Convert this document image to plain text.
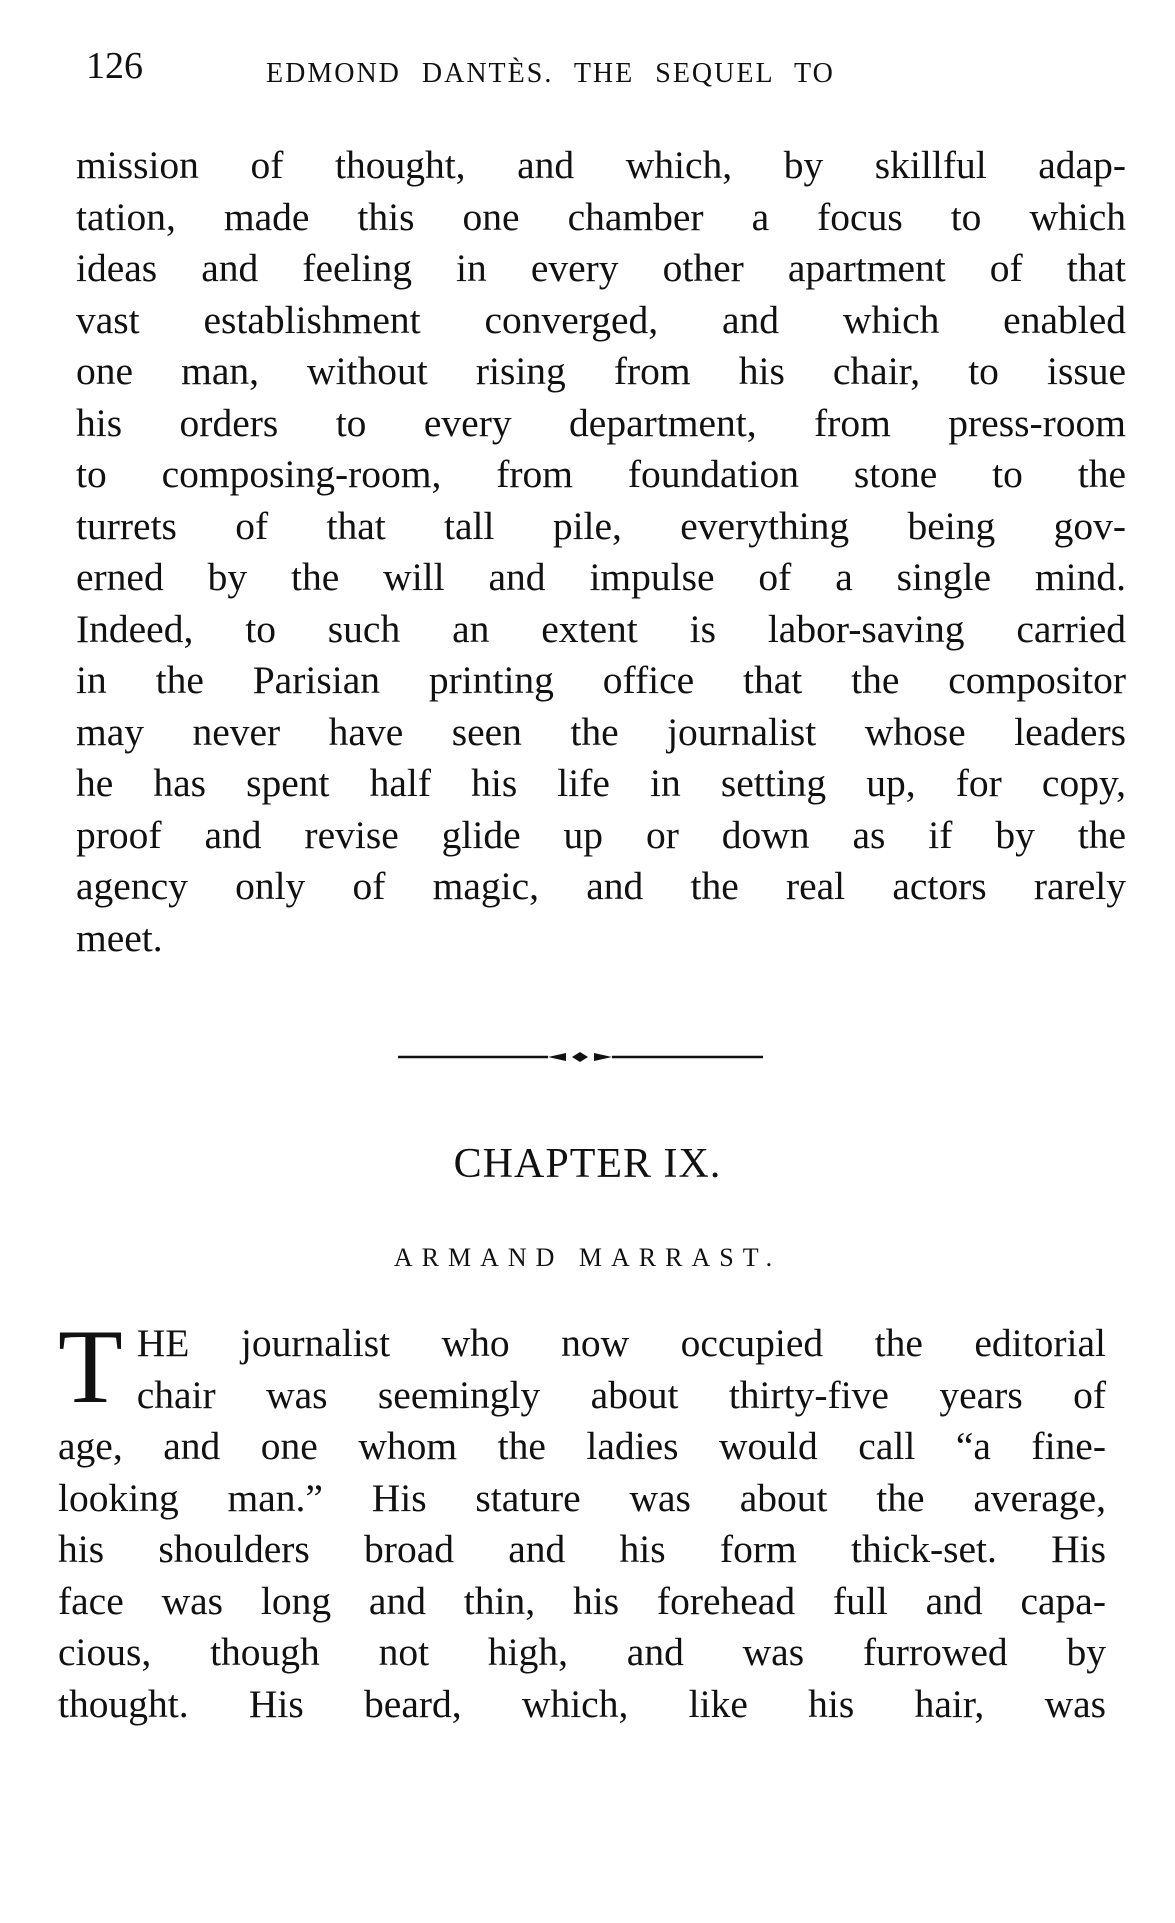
126	EDMOND DANTÈS. THE SEQUEL TO
mission of thought, and which, by skillful adap-
tation, made this one chamber a focus to which
ideas and feeling in every other apartment of that
vast establishment converged, and which enabled
one man, without rising from his chair, to issue
his orders to every department, from press-room
to composing-room, from foundation stone to the
turrets of that tall pile, everything being gov-
erned by the will and impulse of a single mind.
Indeed, to such an extent is labor-saving carried
in the Parisian printing office that the compositor
may never have seen the journalist whose leaders
he has spent half his life in setting up, for copy,
proof and revise glide up or down as if by the
agency only of magic, and the real actors rarely
meet.
CHAPTER IX.
ARMAND MARRAST.
T HE journalist who now occupied the editorial
chair was seemingly about thirty-five years of
age, and one whom the ladies would call “a fine-
looking man.” His stature was about the average,
his shoulders broad and his form thick-set. His
face was long and thin, his forehead full and capa-
cious, though not high, and was furrowed by
thought. His beard, which, like his hair, was
